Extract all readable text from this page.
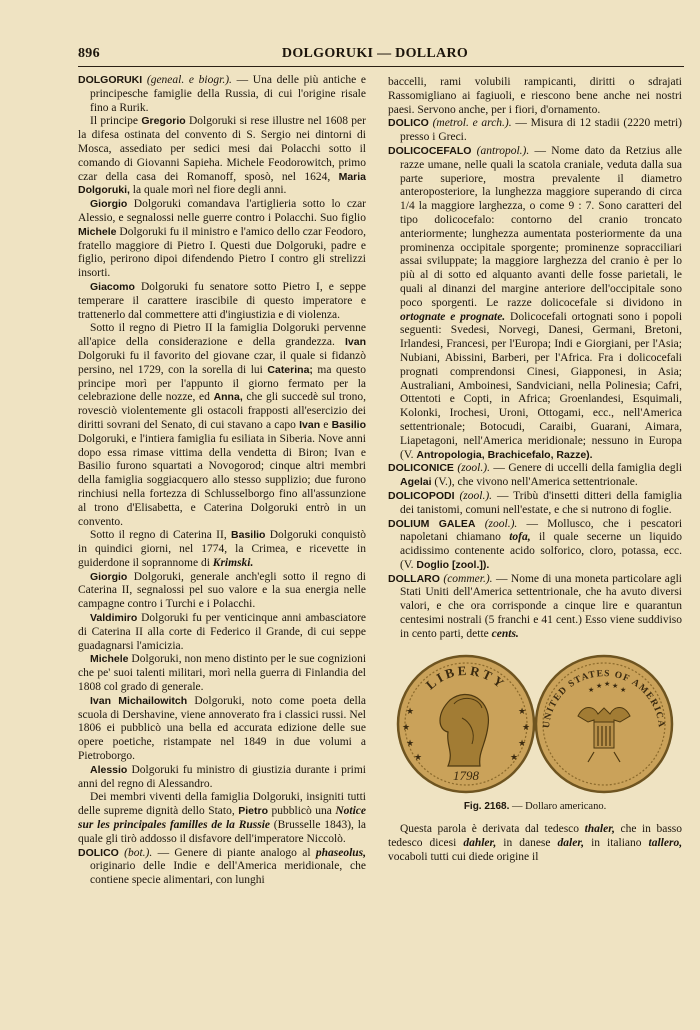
896	DOLGORUKI — DOLLARO

DOLGORUKI (geneal. e biogr.). — Una delle più antiche e principesche famiglie della Russia, di cui l'origine risale fino a Rurik.

Il principe Gregorio Dolgoruki si rese illustre nel 1608 per la difesa ostinata del convento di S. Sergio nei dintorni di Mosca, assediato per sedici mesi dai Polacchi sotto il comando di Giovanni Sapieha. Michele Feodorowitch, primo czar della casa dei Romanoff, sposò, nel 1624, Maria Dolgoruki, la quale morì nel fiore degli anni.

Giorgio Dolgoruki comandava l'artiglieria sotto lo czar Alessio, e segnalossi nelle guerre contro i Polacchi. Suo figlio Michele Dolgoruki fu il ministro e l'amico dello czar Feodoro, fratello maggiore di Pietro I. Questi due Dolgoruki, padre e figlio, perirono dipoi difendendo Pietro I contro gli strelizzi insorti.

Giacomo Dolgoruki fu senatore sotto Pietro I, e seppe temperare il carattere irascibile di questo imperatore e trattenerlo dal commettere atti d'ingiustizia e di violenza.

Sotto il regno di Pietro II la famiglia Dolgoruki pervenne all'apice della considerazione e della grandezza. Ivan Dolgoruki fu il favorito del giovane czar, il quale si fidanzò persino, nel 1729, con la sorella di lui Caterina; ma questo principe morì per l'appunto il giorno fermato per la celebrazione delle nozze, ed Anna, che gli succedè sul trono, rovesciò violentemente gli ostacoli frapposti all'esercizio dei diritti sovrani del Senato, di cui stavano a capo Ivan e Basilio Dolgoruki, e l'intiera famiglia fu esiliata in Siberia. Nove anni dopo essa rimase vittima della vendetta di Biron; Ivan e Basilio furono squartati a Novogorod; cinque altri membri della famiglia soggiacquero allo stesso supplizio; due furono rinchiusi nella fortezza di Schlusselborgo fino all'assunzione al trono d'Elisabetta, e Caterina Dolgoruki entrò in un convento.

Sotto il regno di Caterina II, Basilio Dolgoruki conquistò in quindici giorni, nel 1774, la Crimea, e ricevette in guiderdone il soprannome di Krimski.

Giorgio Dolgoruki, generale anch'egli sotto il regno di Caterina II, segnalossi pel suo valore e la sua energia nelle campagne contro i Turchi e i Polacchi.

Valdimiro Dolgoruki fu per venticinque anni ambasciatore di Caterina II alla corte di Federico il Grande, di cui seppe guadagnarsi l'amicizia.

Michele Dolgoruki, non meno distinto per le sue cognizioni che pe' suoi talenti militari, morì nella guerra di Finlandia del 1808 col grado di generale.

Ivan Michailowitch Dolgoruki, noto come poeta della scuola di Dershavine, viene annoverato fra i classici russi. Nel 1806 ei pubblicò una bella ed accurata edizione delle sue opere poetiche, ristampate nel 1849 in due volumi a Pietroborgo.

Alessio Dolgoruki fu ministro di giustizia durante i primi anni del regno di Alessandro.

Dei membri viventi della famiglia Dolgoruki, insigniti tutti delle supreme dignità dello Stato, Pietro pubblicò una Notice sur les principales familles de la Russie (Brusselle 1843), la quale gli tirò addosso il disfavore dell'imperatore Niccolò.

DOLICO (bot.). — Genere di piante analogo al phaseolus, originario delle Indie e dell'America meridionale, che contiene specie alimentari, con lunghi

baccelli, rami volubili rampicanti, diritti o sdrajati Rassomigliano ai fagiuoli, e riescono bene anche nei nostri paesi. Servono anche, per i fiori, d'ornamento.

DOLICO (metrol. e arch.). — Misura di 12 stadii (2220 metri) presso i Greci.

DOLICOCEFALO (antropol.). — Nome dato da Retzius alle razze umane, nelle quali la scatola craniale, veduta dalla sua parte superiore, mostra prevalente il diametro anteroposteriore, la lunghezza maggiore superando di circa 1/4 la maggiore larghezza, o come 9 : 7. Sono caratteri del tipo dolicocefalo: contorno del cranio troncato anteriormente; lunghezza aumentata posteriormente da una prominenza occipitale sporgente; prominenze sopracciliari assai sviluppate; la maggiore larghezza del cranio è per lo più al di sotto ed alquanto avanti delle fosse parietali, le quali al dinanzi del margine anteriore dell'occipitale sono poco sporgenti. Le razze dolicocefale si dividono in ortognate e prognate. Dolicocefali ortognati sono i popoli seguenti: Svedesi, Norvegi, Danesi, Germani, Bretoni, Irlandesi, Francesi, per l'Europa; Indi e Giorgiani, per l'Asia; Nubiani, Abissini, Barberi, per l'Africa. Fra i dolicocefali prognati comprendonsi Cinesi, Giapponesi, in Asia; Australiani, Amboinesi, Sandviciani, nella Polinesia; Cafri, Ottentoti e Copti, in Africa; Groenlandesi, Esquimali, Kolonki, Irochesi, Uroni, Ottogami, ecc., nell'America settentrionale; Botocudi, Caraibi, Guarani, Aimara, Liapetagoni, nell'America meridionale; nessuno in Europa (V. Antropologia, Brachicefalo, Razze).

DOLICONICE (zool.). — Genere di uccelli della famiglia degli Agelai (V.), che vivono nell'America settentrionale.

DOLICOPODI (zool.). — Tribù d'insetti ditteri della famiglia dei tanistomi, comuni nell'estate, e che si nutrono di foglie.

DOLIUM GALEA (zool.). — Mollusco, che i pescatori napoletani chiamano tofa, il quale secerne un liquido acidissimo contenente acido solforico, cloro, potassa, ecc. (V. Doglio [zool.]).

DOLLARO (commer.). — Nome di una moneta particolare agli Stati Uniti dell'America settentrionale, che ha avuto diversi valori, e che ora corrisponde a cinque lire e quarantun centesimi nostrali (5 franchi e 41 cent.) Esso viene suddiviso in cento parti, dette cents.

LIBERTY
★
★
★
★
★
★
★
★
1798
UNITED STATES OF AMERICA
★ ★ ★ ★ ★
Fig. 2168. — Dollaro americano.

Questa parola è derivata dal tedesco thaler, che in basso tedesco dicesi dahler, in danese daler, in italiano tallero, vocaboli tutti cui diede origine il
